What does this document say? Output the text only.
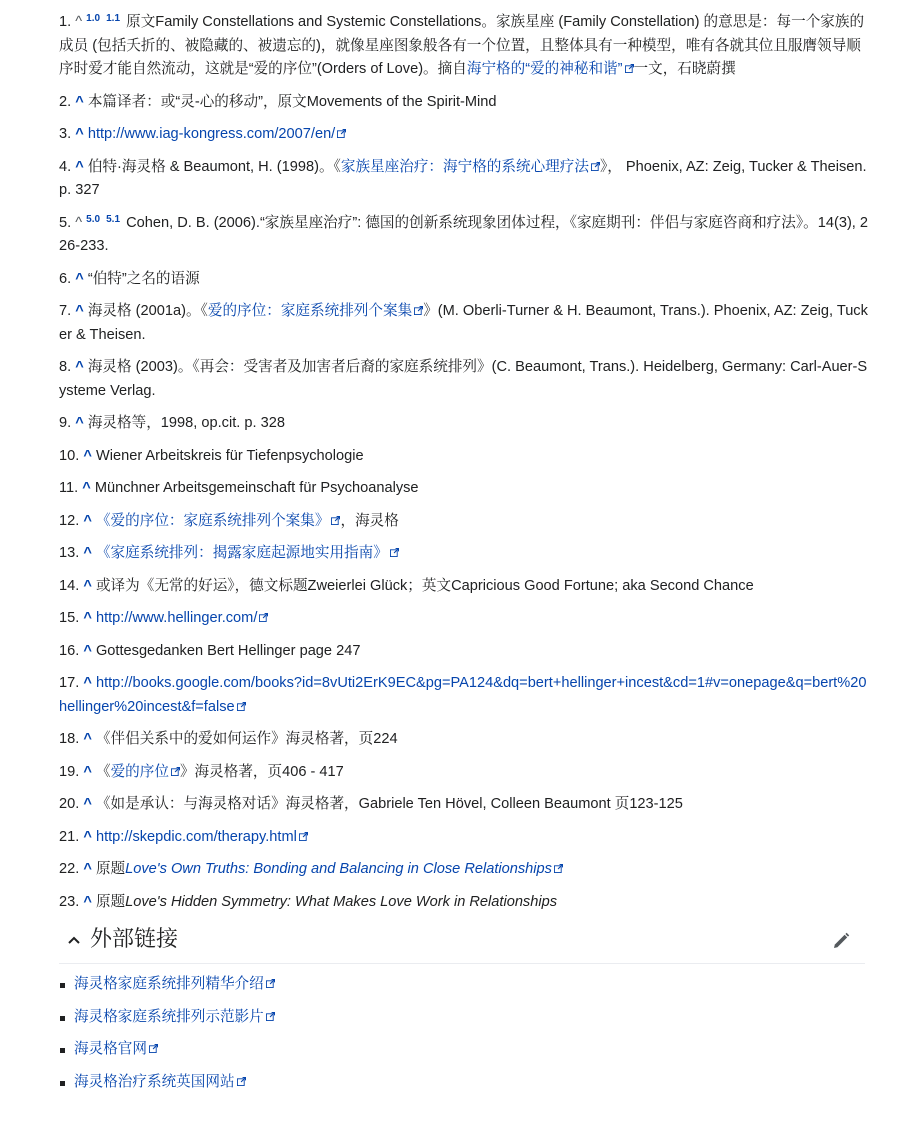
1. ^ $^{1.0}$ $^{1.1}$ 原文Family Constellations and Systemic Constellations。家族星座 (Family Constellation) 的意思是：每一个家族的成员 (包括夭折的、被隐藏的、被遗忘的)，就像星座图象般各有一个位置，且整体具有一种模型，唯有各就其位且服膺领导顺序时爱才能自然流动，这就是“爱的序位”(Orders of Love)。摘自海宁格的“爱的神秘和谐” 一文，石晓蔚撰
2. ^ 本篇译者：或“灵-心的移动”，原文Movements of the Spirit-Mind
3. ^ http://www.iag-kongress.com/2007/en/
4. ^ 伯特·海灵格 & Beaumont, H. (1998)。《家族星座治疗：海宁格的系统心理疗法 》， Phoenix, AZ: Zeig, Tucker & Theisen. p. 327
5. ^ $^{5.0}$ $^{5.1}$ Cohen, D. B. (2006).“家族星座治疗”: 德国的创新系统现象团体过程，《家庭期刊：伴侣与家庭咨商和疗法》。14(3), 226-233.
6. ^ “伯特”之名的语源
7. ^ 海灵格 (2001a)。《爱的序位：家庭系统排列个案集 》(M. Oberli-Turner & H. Beaumont, Trans.). Phoenix, AZ: Zeig, Tucker & Theisen.
8. ^ 海灵格 (2003)。《再会：受害者及加害者后裔的家庭系统排列》(C. Beaumont, Trans.). Heidelberg, Germany: Carl-Auer-Systeme Verlag.
9. ^ 海灵格等，1998, op.cit. p. 328
10. ^ Wiener Arbeitskreis für Tiefenpsychologie
11. ^ Münchner Arbeitsgemeinschaft für Psychoanalyse
12. ^ 《爱的序位：家庭系统排列个案集》 ，海灵格
13. ^ 《家庭系统排列：揭露家庭起源地实用指南》
14. ^ 或译为《无常的好运》，德文标题Zweierlei Glück；英文Capricious Good Fortune; aka Second Chance
15. ^ http://www.hellinger.com/
16. ^ Gottesgedanken Bert Hellinger page 247
17. ^ http://books.google.com/books?id=8vUti2ErK9EC&pg=PA124&dq=bert+hellinger+incest&cd=1#v=onepage&q=bert%20hellinger%20incest&f=false
18. ^ 《伴侣关系中的爱如何运作》海灵格著，页224
19. ^ 《爱的序位 》海灵格著，页406 - 417
20. ^ 《如是承认：与海灵格对话》海灵格著，Gabriele Ten Hövel, Colleen Beaumont 页123-125
21. ^ http://skepdic.com/therapy.html
22. ^ 原题Love's Own Truths: Bonding and Balancing in Close Relationships
23. ^ 原题Love's Hidden Symmetry: What Makes Love Work in Relationships
外部链接
海灵格家庭系统排列精华介绍
海灵格家庭系统排列示范影片
海灵格官网
海灵格治疗系统英国网站
